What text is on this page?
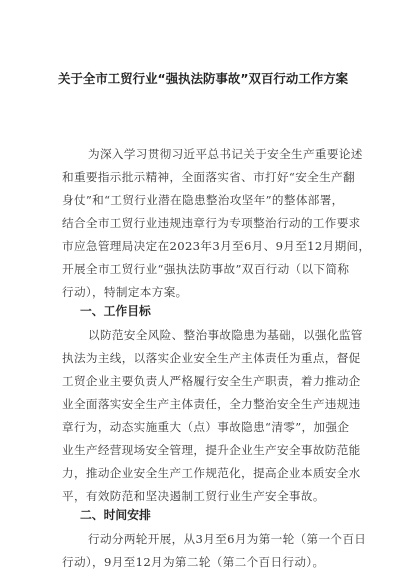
关于全市工贸行业“强执法防事故”双百行动工作方案
为深入学习贯彻习近平总书记关于安全生产重要论述
和重要指示批示精神，全面落实省、市打好“安全生产翻
身仗”和“工贸行业潜在隐患整治攻坚年”的整体部署，
结合全市工贸行业违规违章行为专项整治行动的工作要求
市应急管理局决定在2023年3月至6月、9月至12月期间，
开展全市工贸行业“强执法防事故”双百行动（以下简称
行动），特制定本方案。
一、工作目标
以防范安全风险、整治事故隐患为基础，以强化监管
执法为主线，以落实企业安全生产主体责任为重点，督促
工贸企业主要负责人严格履行安全生产职责，着力推动企
业全面落实安全生产主体责任，全力整治安全生产违规违
章行为，动态实施重大（点）事故隐患“清零”，加强企
业生产经营现场安全管理，提升企业生产安全事故防范能
力，推动企业安全生产工作规范化，提高企业本质安全水
平，有效防范和坚决遏制工贸行业生产安全事故。
二、时间安排
行动分两轮开展，从3月至6月为第一轮（第一个百日
行动），9月至12月为第二轮（第二个百日行动）。
